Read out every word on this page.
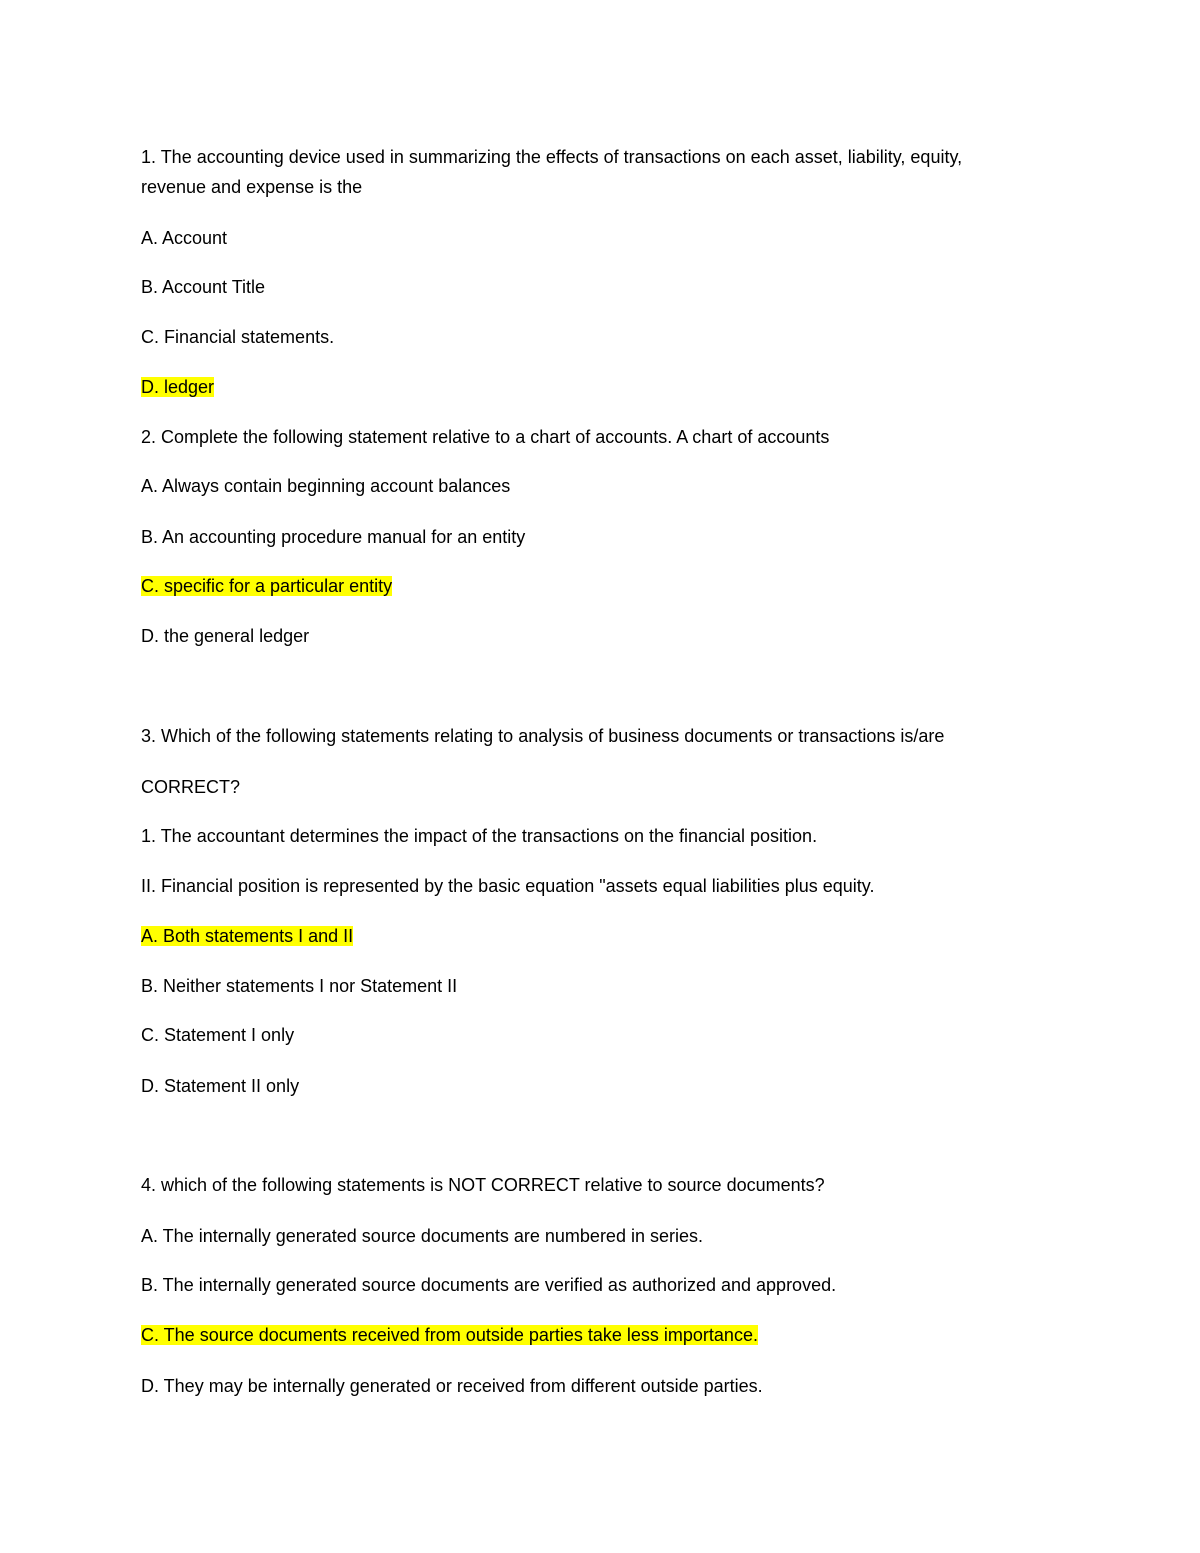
1. The accounting device used in summarizing the effects of transactions on each asset, liability, equity,
revenue and expense is the
A. Account
B. Account Title
C. Financial statements.
D. ledger
2. Complete the following statement relative to a chart of accounts. A chart of accounts
A. Always contain beginning account balances
B. An accounting procedure manual for an entity
C. specific for a particular entity
D. the general ledger
3. Which of the following statements relating to analysis of business documents or transactions is/are
CORRECT?
1. The accountant determines the impact of the transactions on the financial position.
II. Financial position is represented by the basic equation "assets equal liabilities plus equity.
A. Both statements I and II
B. Neither statements I nor Statement II
C. Statement I only
D. Statement II only
4. which of the following statements is NOT CORRECT relative to source documents?
A. The internally generated source documents are numbered in series.
B. The internally generated source documents are verified as authorized and approved.
C. The source documents received from outside parties take less importance.
D. They may be internally generated or received from different outside parties.
